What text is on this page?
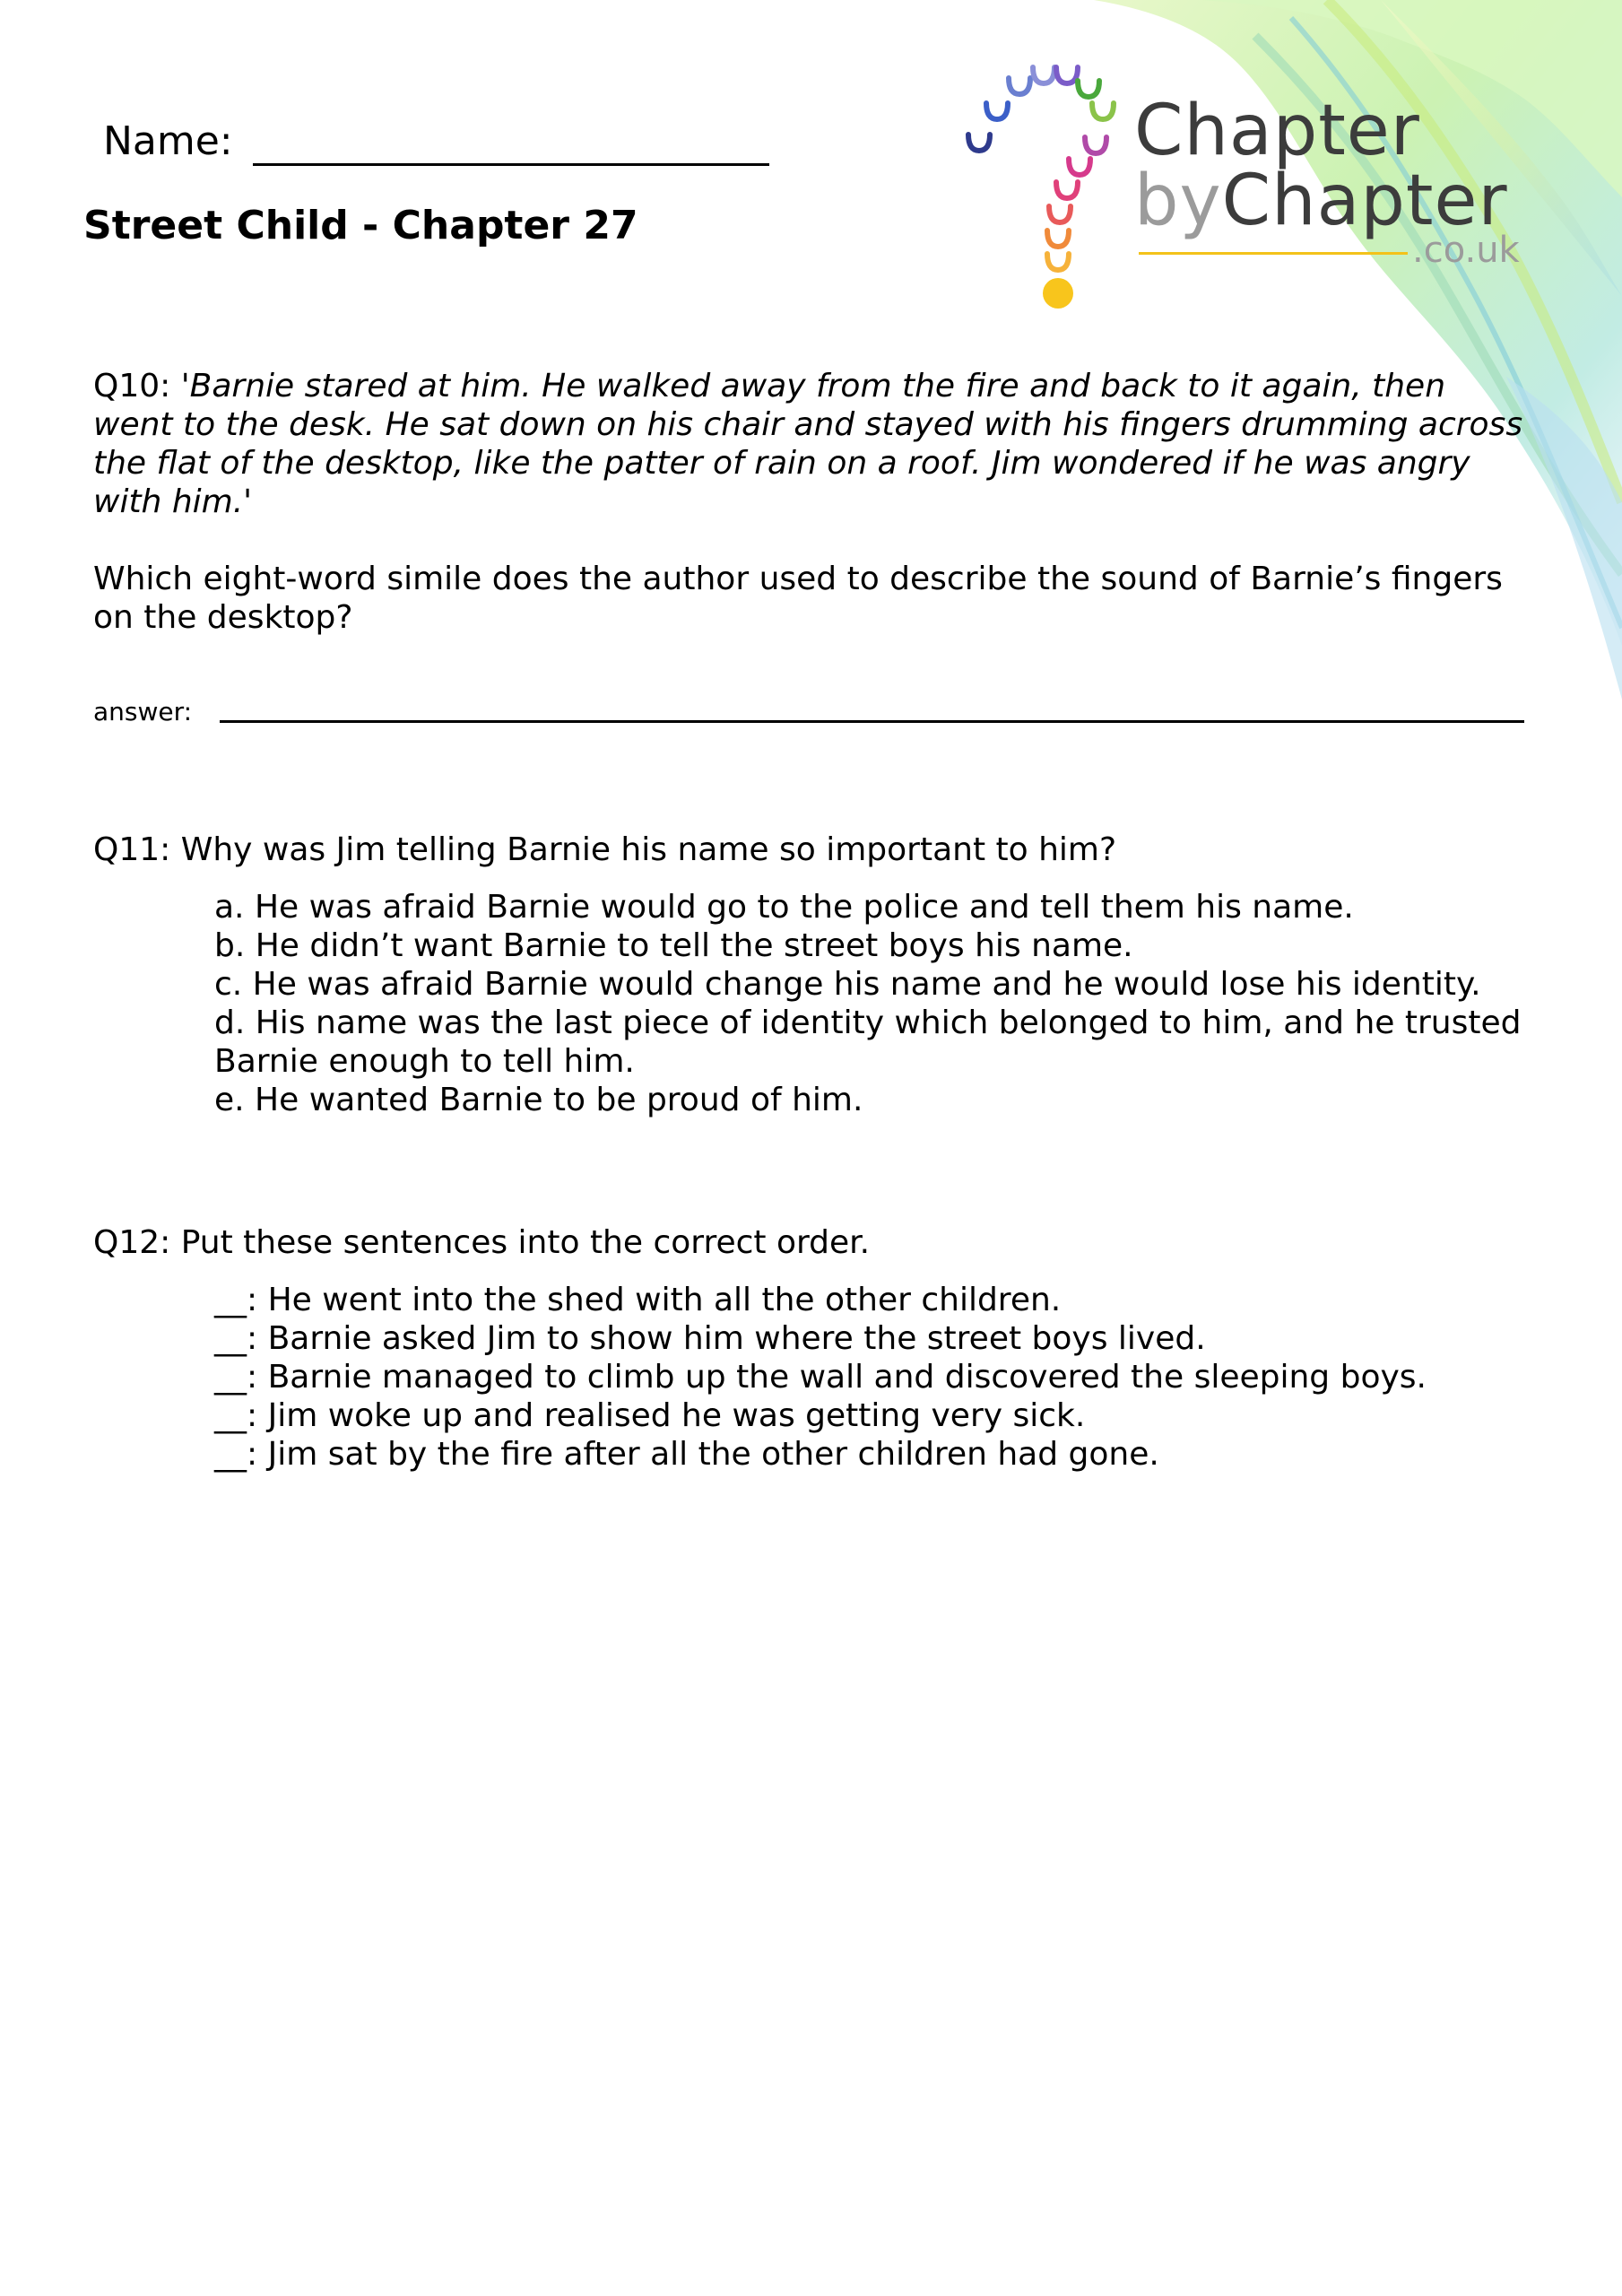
Name:
Street Child - Chapter 27
Chapter
byChapter
.co.uk
Q10: 'Barnie stared at him. He walked away from the fire and back to it again, then went to the desk. He sat down on his chair and stayed with his fingers drumming across the flat of the desktop, like the patter of rain on a roof. Jim wondered if he was angry with him.'
Which eight-word simile does the author used to describe the sound of Barnie’s fingers on the desktop?
answer:
Q11: Why was Jim telling Barnie his name so important to him?
a. He was afraid Barnie would go to the police and tell them his name.
b. He didn’t want Barnie to tell the street boys his name.
c. He was afraid Barnie would change his name and he would lose his identity.
d. His name was the last piece of identity which belonged to him, and he trusted Barnie enough to tell him.
e. He wanted Barnie to be proud of him.
Q12: Put these sentences into the correct order.
__: He went into the shed with all the other children.
__: Barnie asked Jim to show him where the street boys lived.
__: Barnie managed to climb up the wall and discovered the sleeping boys.
__: Jim woke up and realised he was getting very sick.
__: Jim sat by the fire after all the other children had gone.
